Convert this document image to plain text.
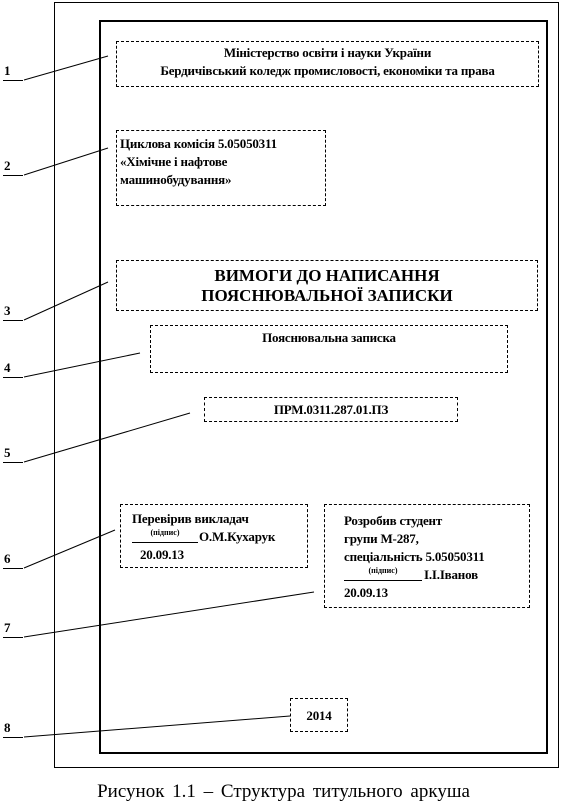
1
2
3
4
5
6
7
8
Міністерство освіти і науки України
Бердичівський коледж промисловості, економіки та права
Циклова комісія 5.05050311
«Хімічне і нафтове
машинобудування»
ВИМОГИ ДО НАПИСАННЯ
ПОЯСНЮВАЛЬНОЇ ЗАПИСКИ
Пояснювальна записка
ПРМ.0311.287.01.ПЗ
Перевірив викладач
(підпис) О.М.Кухарук
20.09.13
Розробив студент
групи М-287,
спеціальність 5.05050311
(підпис) І.І.Іванов
20.09.13
2014
Рисунок 1.1 – Структура титульного аркуша
